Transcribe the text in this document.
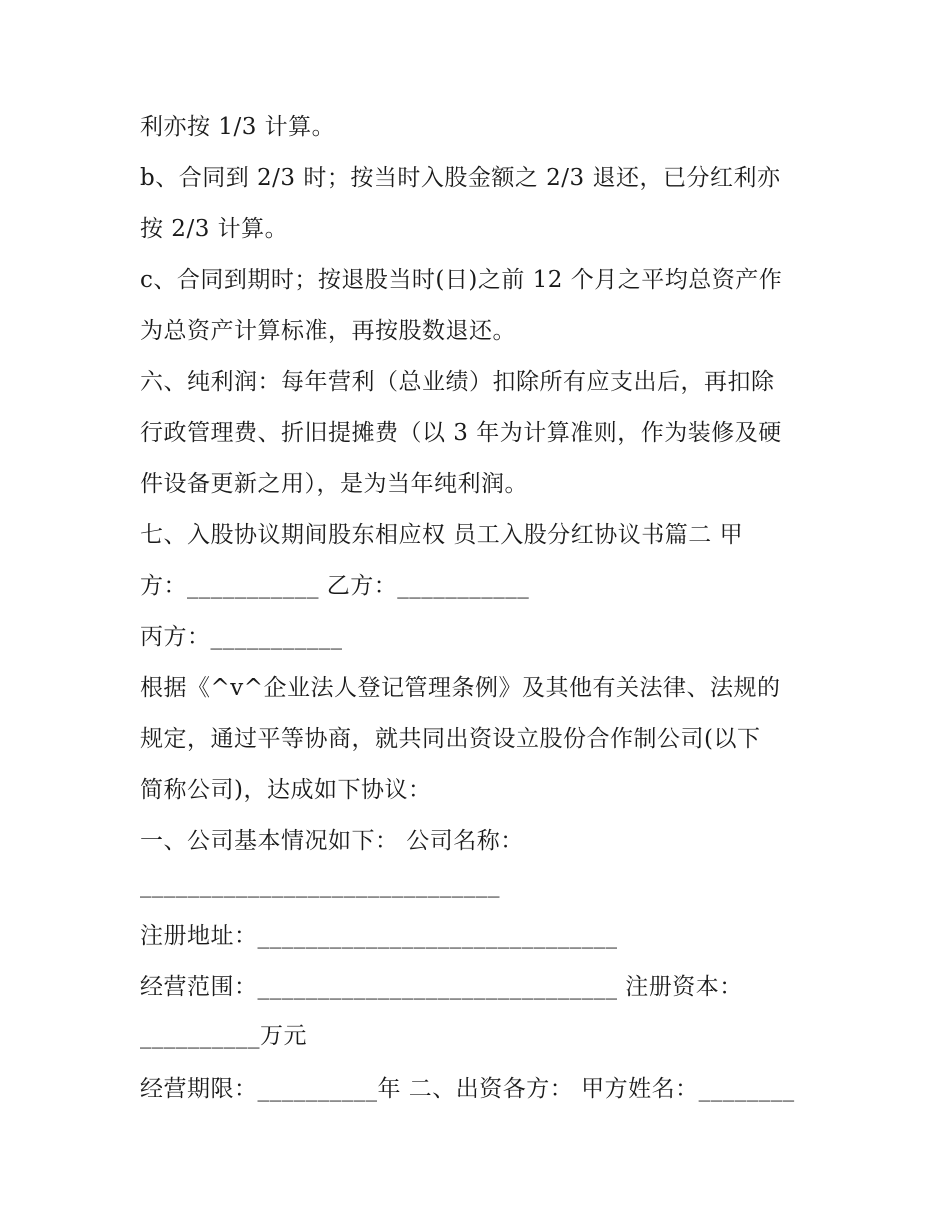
利亦按 1/3 计算。
b、合同到 2/3 时；按当时入股金额之 2/3 退还，已分红利亦
按 2/3 计算。
c、合同到期时；按退股当时(日)之前 12 个月之平均总资产作
为总资产计算标准，再按股数退还。
六、纯利润：每年营利（总业绩）扣除所有应支出后，再扣除
行政管理费、折旧提摊费（以 3 年为计算准则，作为装修及硬
件设备更新之用），是为当年纯利润。
七、入股协议期间股东相应权 员工入股分红协议书篇二 甲
方：___________ 乙方：___________
丙方：___________
根据《^v^企业法人登记管理条例》及其他有关法律、法规的
规定，通过平等协商，就共同出资设立股份合作制公司(以下
简称公司)，达成如下协议：
一、公司基本情况如下： 公司名称：
______________________________
注册地址：______________________________
经营范围：______________________________ 注册资本：
__________万元
经营期限：__________年 二、出资各方： 甲方姓名：________
